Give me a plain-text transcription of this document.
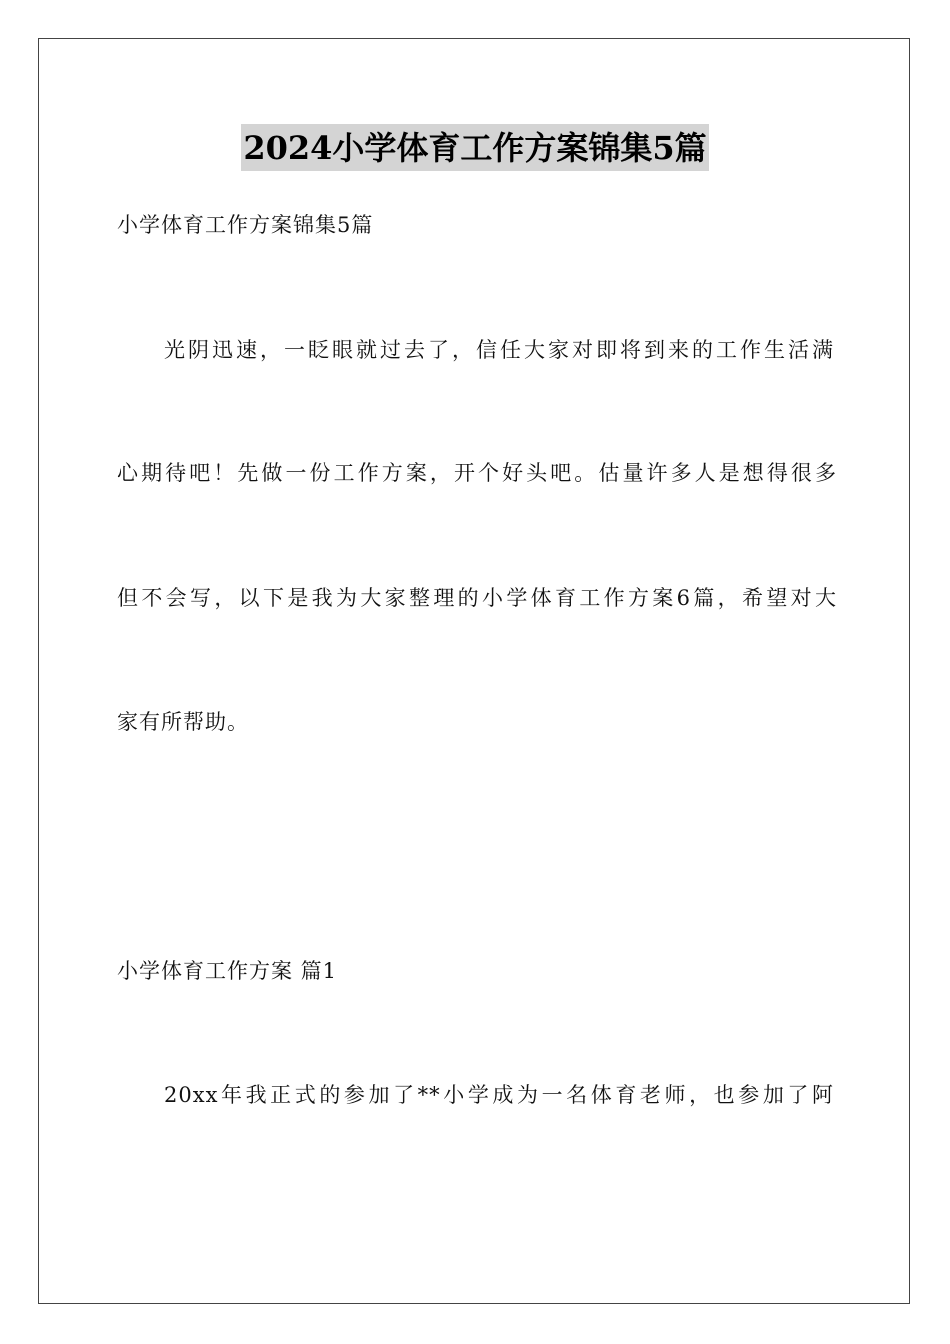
2024小学体育工作方案锦集5篇

小学体育工作方案锦集5篇

光阴迅速，一眨眼就过去了，信任大家对即将到来的工作生活满

心期待吧！先做一份工作方案，开个好头吧。估量许多人是想得很多

但不会写，以下是我为大家整理的小学体育工作方案6篇，希望对大

家有所帮助。

小学体育工作方案 篇1

20xx年我正式的参加了**小学成为一名体育老师，也参加了阿
